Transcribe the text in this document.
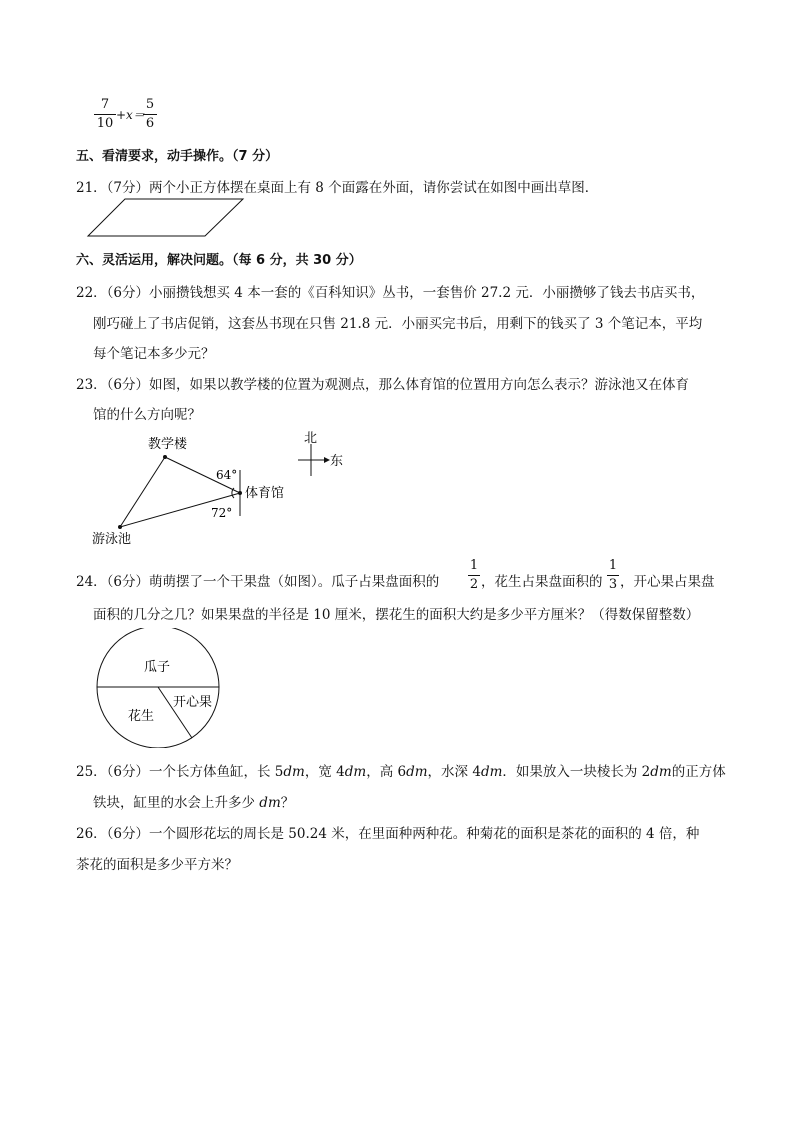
7
10
+x＝
5
6
五、看清要求，动手操作。（7 分）
21．（7分）两个小正方体摆在桌面上有 8 个面露在外面，请你尝试在如图中画出草图．
六、灵活运用，解决问题。（每 6 分，共 30 分）
22．（6分）小丽攒钱想买 4 本一套的《百科知识》丛书，一套售价 27.2 元．小丽攒够了钱去书店买书，
刚巧碰上了书店促销，这套丛书现在只售 21.8 元．小丽买完书后，用剩下的钱买了 3 个笔记本，平均
每个笔记本多少元？
23．（6分）如图，如果以教学楼的位置为观测点，那么体育馆的位置用方向怎么表示？游泳池又在体育
馆的什么方向呢？
教学楼
体育馆
游泳池
64°
72°
北
东
24．（6分）萌萌摆了一个干果盘（如图）。瓜子占果盘面积的
1
2 ，花生占果盘面积的
1
3 ，开心果占果盘
面积的几分之几？如果果盘的半径是 10 厘米，摆花生的面积大约是多少平方厘米？（得数保留整数）
瓜子
花生
开心果
25．（6分）一个长方体鱼缸，长 5dm，宽 4dm，高 6dm，水深 4dm．如果放入一块棱长为 2dm的正方体
铁块，缸里的水会上升多少 dm？
26．（6分）一个圆形花坛的周长是 50.24 米，在里面种两种花。种菊花的面积是茶花的面积的 4 倍，种
茶花的面积是多少平方米？
